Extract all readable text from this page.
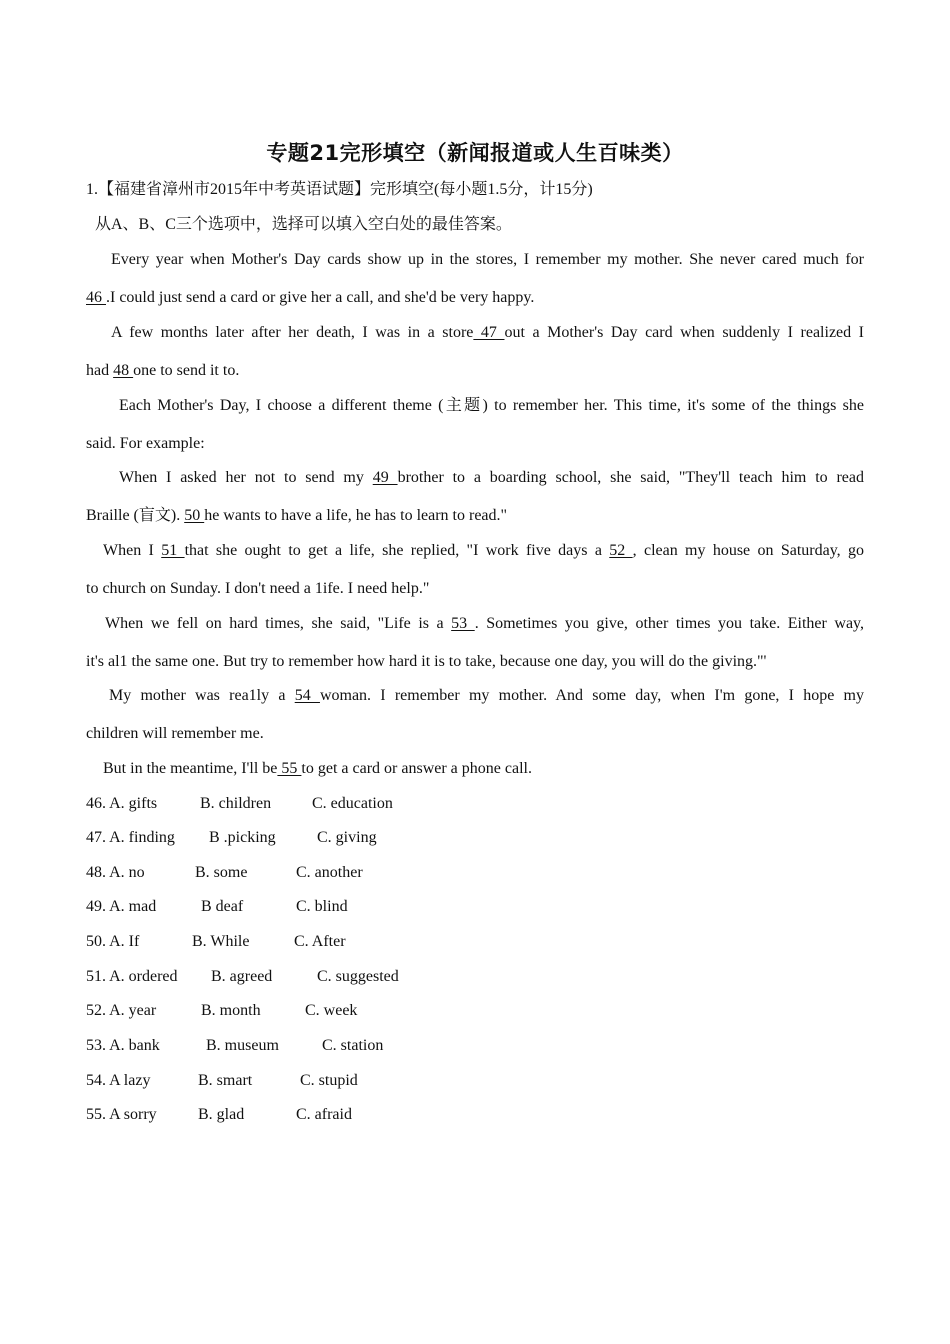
专题21完形填空（新闻报道或人生百味类）
1.【福建省漳州市2015年中考英语试题】完形填空(每小题1.5分，计15分)
从A、B、C三个选项中，选择可以填入空白处的最佳答案。
Every year when Mother's Day cards show up in the stores, I remember my mother. She never cared much for
46 .I could just send a card or give her a call, and she'd be very happy.
A few months later after her death, I was in a store 47 out a Mother's Day card when suddenly I realized I
had 48 one to send it to.
Each Mother's Day, I choose a different theme (主题) to remember her. This time, it's some of the things she
said. For example:
When I asked her not to send my 49 brother to a boarding school, she said, "They'll teach him to read
Braille (盲文). 50 he wants to have a life, he has to learn to read."
When I 51 that she ought to get a life, she replied, "I work five days a 52 , clean my house on Saturday, go
to church on Sunday. I don't need a 1ife. I need help."
When we fell on hard times, she said, "Life is a 53 . Sometimes you give, other times you take. Either way,
it's al1 the same one. But try to remember how hard it is to take, because one day, you will do the giving."'
My mother was rea1ly a 54 woman. I remember my mother. And some day, when I'm gone, I hope my
children will remember me.
But in the meantime, I'll be 55 to get a card or answer a phone call.
46. A. gifts	B. children	C. education
47. A. finding B .picking	C. giving
48. A. no	B. some	C. another
49. A. mad	B deaf	C. blind
50. A. If	B. While	C. After
51. A. ordered B. agreed	C. suggested
52. A. year	B. month	C. week
53. A. bank	B. museum	C. station
54. A lazy	B. smart	C. stupid
55. A sorry	B. glad	C. afraid
